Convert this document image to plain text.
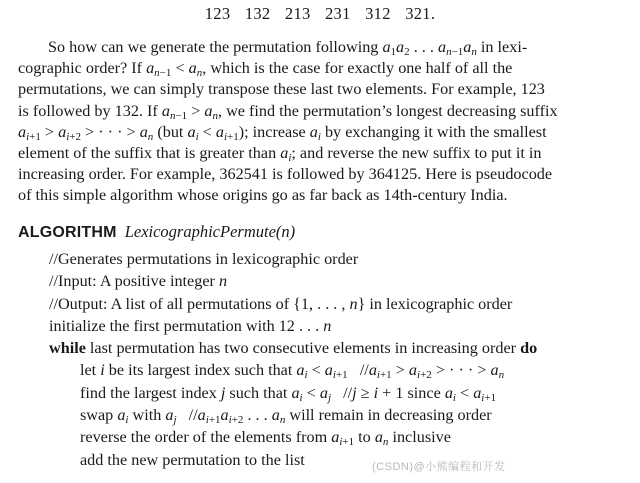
123 132 213 231 312 321.
So how can we generate the permutation following $a_1a_2$ . . . $a_{n-1}a_n$ in lexi-
cographic order? If $a_{n-1} < a_n$, which is the case for exactly one half of all the
permutations, we can simply transpose these last two elements. For example, 123
is followed by 132. If $a_{n-1} > a_n$, we find the permutation’s longest decreasing suffix
$a_{i+1} > a_{i+2}$ > · · · > $a_n$ (but $a_i < a_{i+1}$); increase $a_i$ by exchanging it with the smallest
element of the suffix that is greater than $a_i$; and reverse the new suffix to put it in
increasing order. For example, 362541 is followed by 364125. Here is pseudocode
of this simple algorithm whose origins go as far back as 14th-century India.
ALGORITHM LexicographicPermute(n)
//Generates permutations in lexicographic order
//Input: A positive integer n
//Output: A list of all permutations of {1, . . . , n} in lexicographic order
initialize the first permutation with 12 . . . n
while last permutation has two consecutive elements in increasing order do
let i be its largest index such that $a_i < a_{i+1}$   $//a_{i+1} > a_{i+2}$ > · · · > $a_n$
find the largest index j such that $a_i < a_j$   //j ≥ i + 1 since $a_i < a_{i+1}$
swap $a_i$ with $a_j$   $//a_{i+1}a_{i+2}$ . . . $a_n$ will remain in decreasing order
reverse the order of the elements from $a_{i+1}$ to $a_n$ inclusive
add the new permutation to the list	(CSDN)@小熊编程和开发
